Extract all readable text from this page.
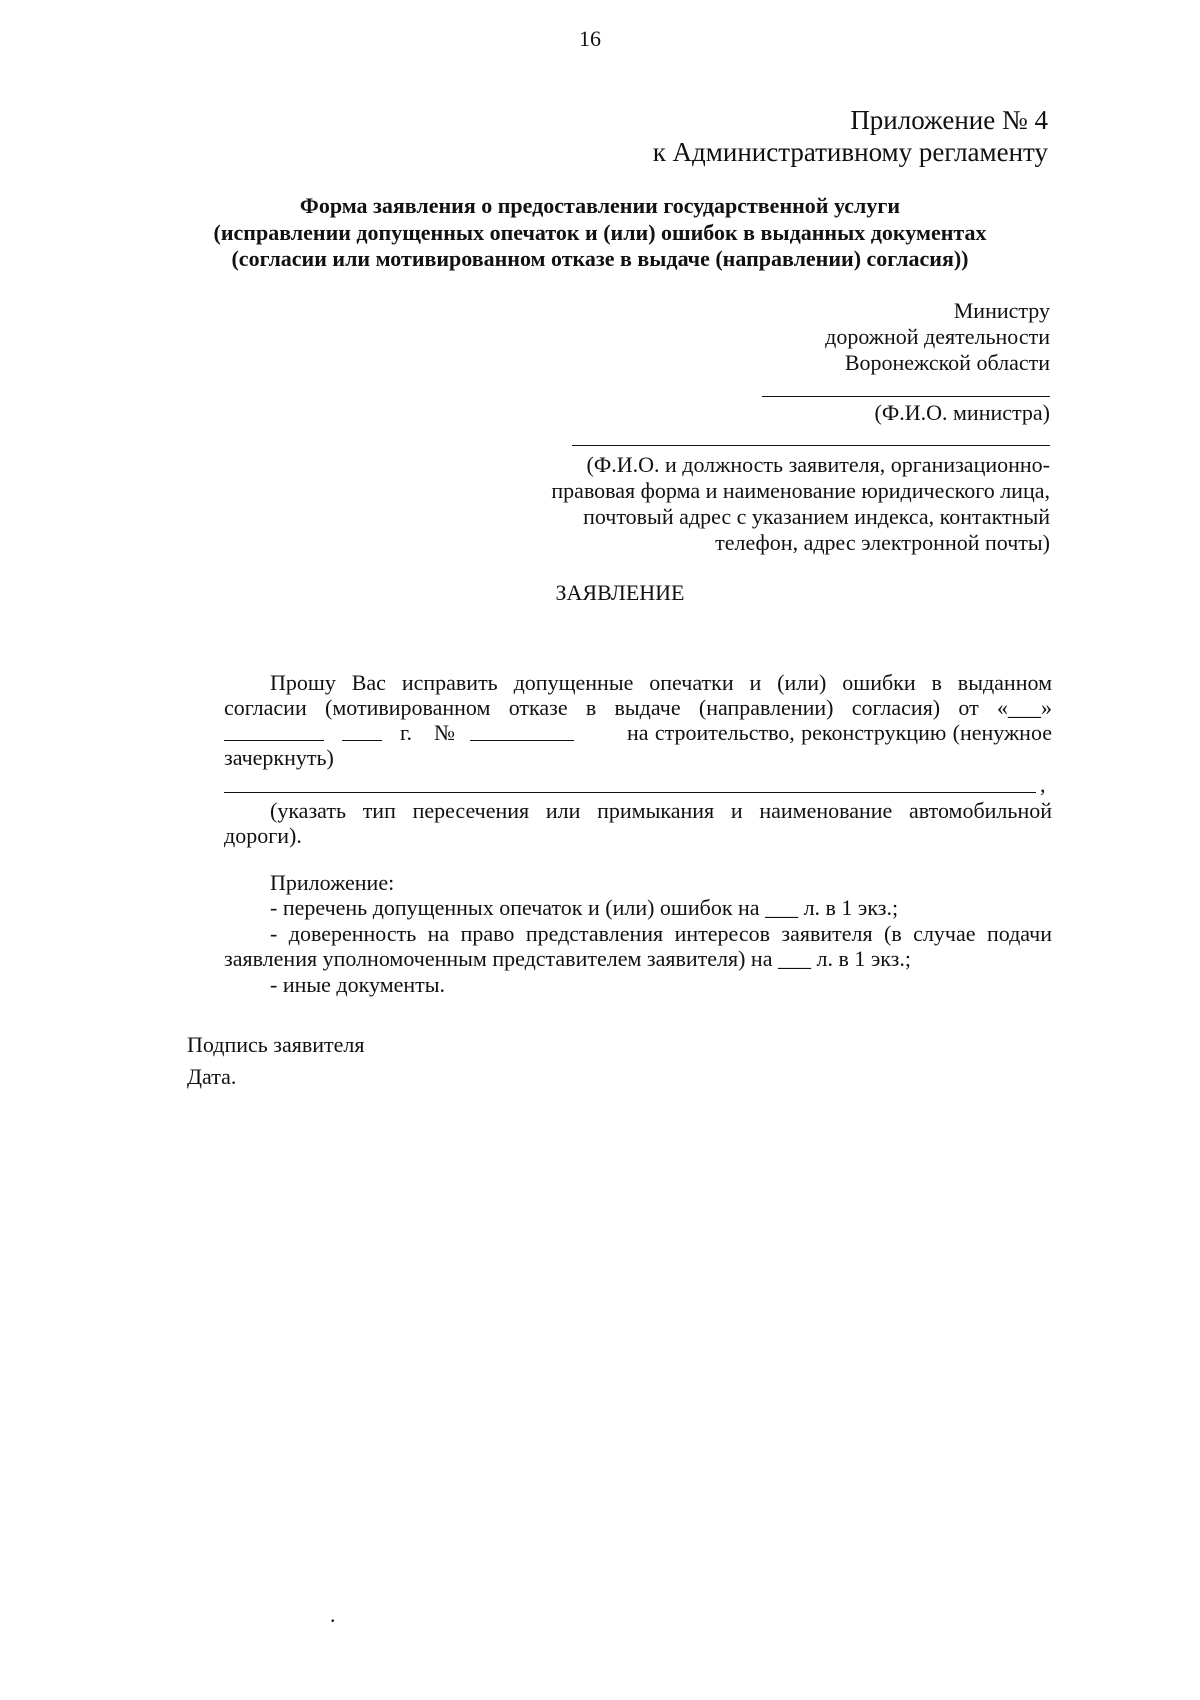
16
Приложение № 4
к Административному регламенту
Форма заявления о предоставлении государственной услуги
(исправлении допущенных опечаток и (или) ошибок в выданных документах
(согласии или мотивированном отказе в выдаче (направлении) согласия))
Министру
дорожной деятельности
Воронежской области
(Ф.И.О. министра)
(Ф.И.О. и должность заявителя, организационно-
правовая форма и наименование юридического лица,
почтовый адрес с указанием индекса, контактный
телефон, адрес электронной почты)
ЗАЯВЛЕНИЕ
Прошу Вас исправить допущенные опечатки и (или) ошибки в выданном
согласии (мотивированном отказе в выдаче (направлении) согласия) от «___»
г. №	на строительство, реконструкцию (ненужное
зачеркнуть)
,
(указать тип пересечения или примыкания и наименование автомобильной
дороги).
Приложение:
- перечень допущенных опечаток и (или) ошибок на ___ л. в 1 экз.;
- доверенность на право представления интересов заявителя (в случае подачи
заявления уполномоченным представителем заявителя) на ___ л. в 1 экз.;
- иные документы.
Подпись заявителя
Дата.
.
